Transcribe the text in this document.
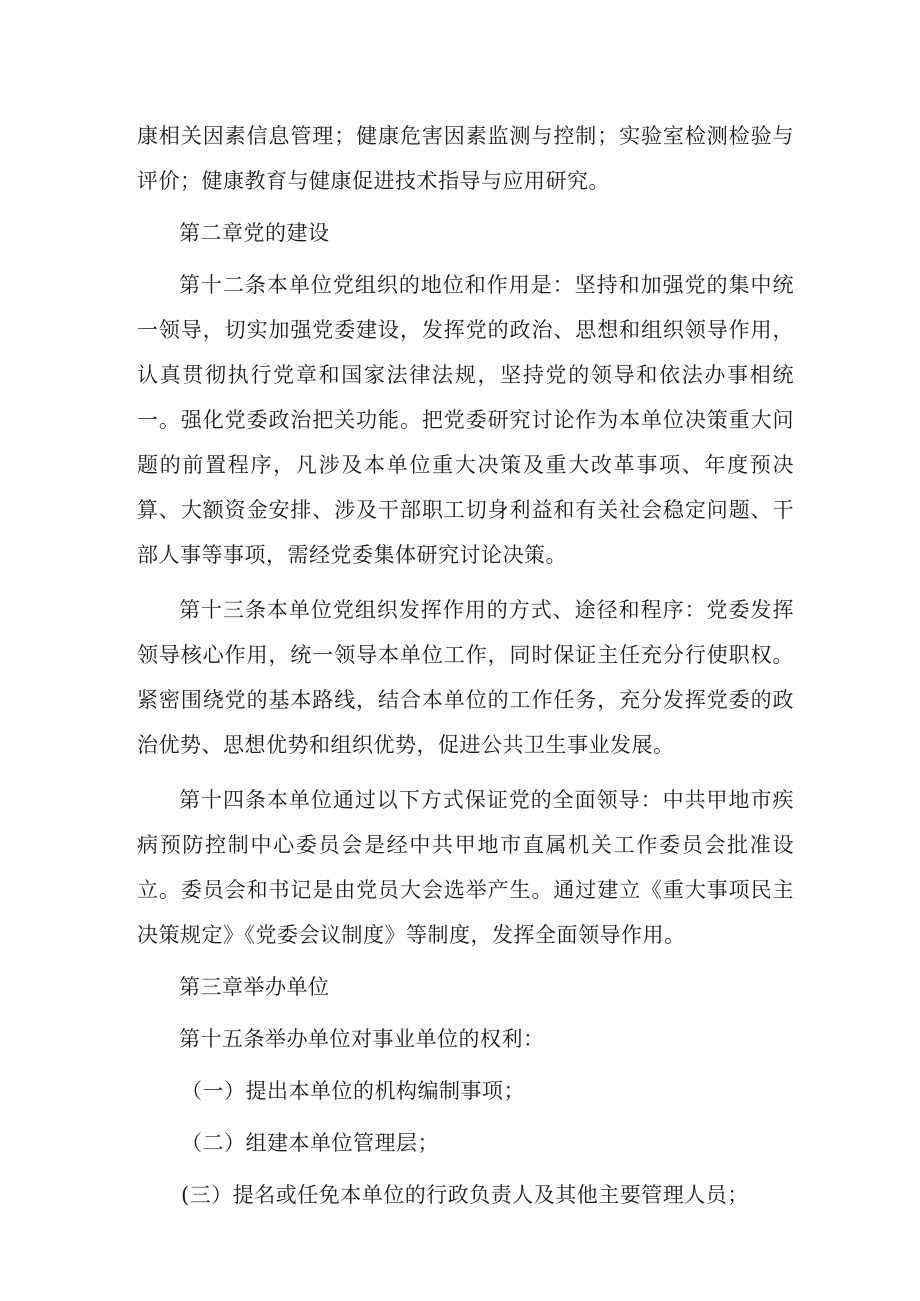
康相关因素信息管理；健康危害因素监测与控制；实验室检测检验与评价；健康教育与健康促进技术指导与应用研究。

第二章党的建设

第十二条本单位党组织的地位和作用是：坚持和加强党的集中统一领导，切实加强党委建设，发挥党的政治、思想和组织领导作用，认真贯彻执行党章和国家法律法规，坚持党的领导和依法办事相统一。强化党委政治把关功能。把党委研究讨论作为本单位决策重大问题的前置程序，凡涉及本单位重大决策及重大改革事项、年度预决算、大额资金安排、涉及干部职工切身利益和有关社会稳定问题、干部人事等事项，需经党委集体研究讨论决策。

第十三条本单位党组织发挥作用的方式、途径和程序：党委发挥领导核心作用，统一领导本单位工作，同时保证主任充分行使职权。紧密围绕党的基本路线，结合本单位的工作任务，充分发挥党委的政治优势、思想优势和组织优势，促进公共卫生事业发展。

第十四条本单位通过以下方式保证党的全面领导：中共甲地市疾病预防控制中心委员会是经中共甲地市直属机关工作委员会批准设立。委员会和书记是由党员大会选举产生。通过建立《重大事项民主决策规定》《党委会议制度》等制度，发挥全面领导作用。

第三章举办单位

第十五条举办单位对事业单位的权利：

（一）提出本单位的机构编制事项；

（二）组建本单位管理层；

(三）提名或任免本单位的行政负责人及其他主要管理人员；
